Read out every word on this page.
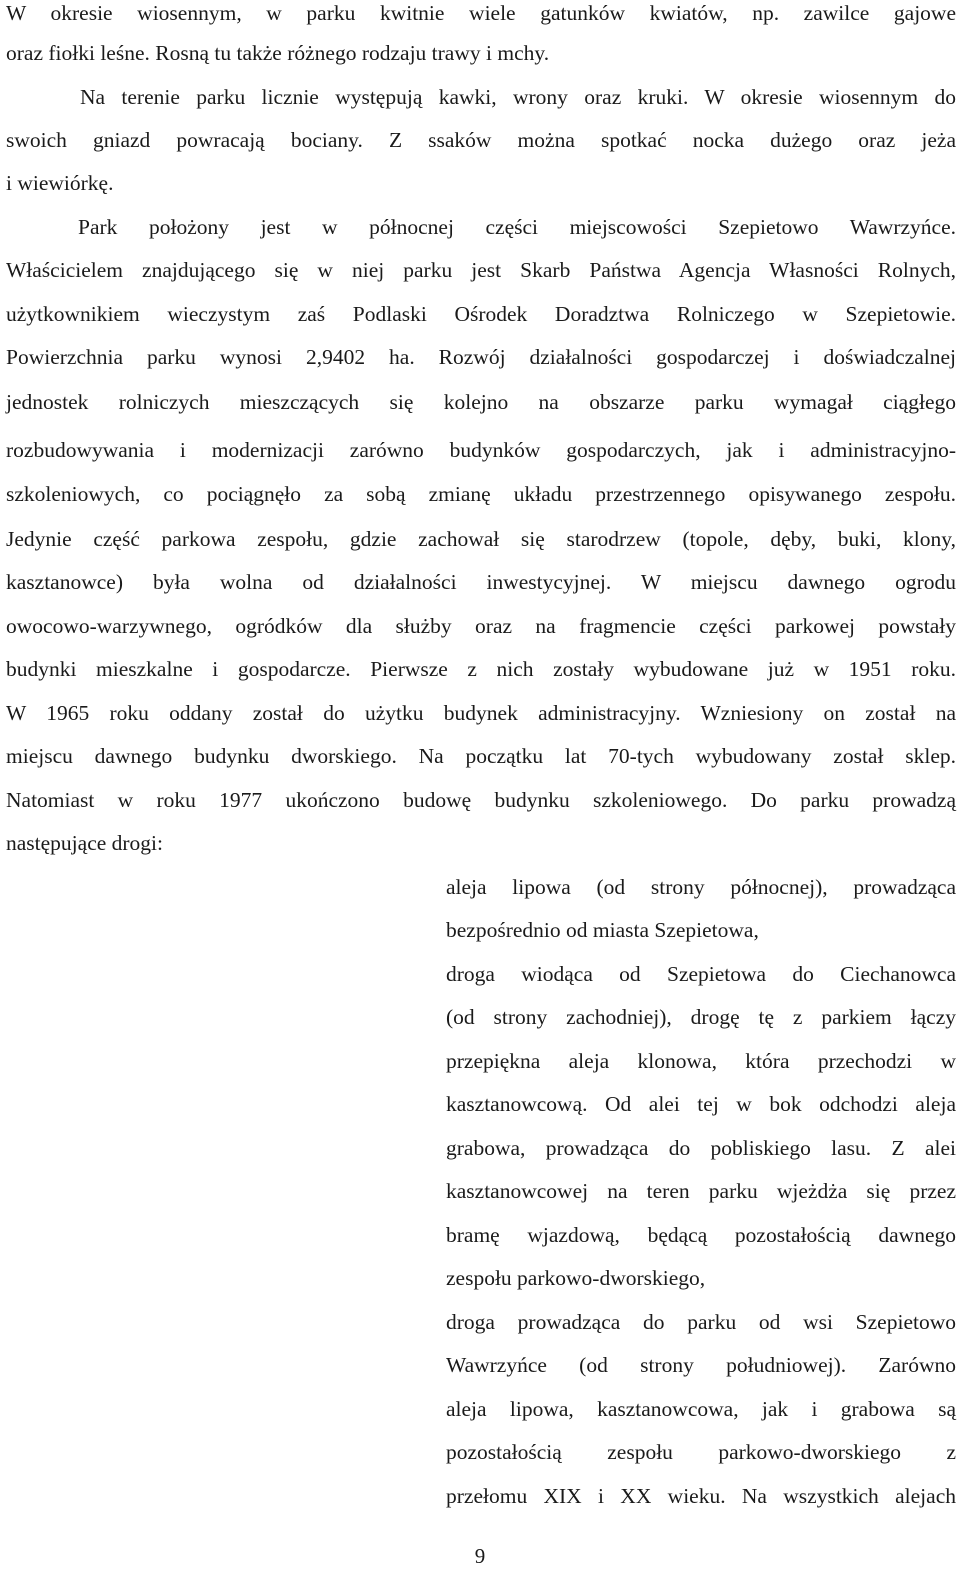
W okresie wiosennym, w parku kwitnie wiele gatunków kwiatów, np. zawilce gajowe
oraz fiołki leśne. Rosną tu także różnego rodzaju trawy i mchy.
Na terenie parku licznie występują kawki, wrony oraz kruki. W okresie wiosennym do
swoich gniazd powracają bociany. Z ssaków można spotkać nocka dużego oraz jeża
i wiewiórkę.
Park położony jest w północnej części miejscowości Szepietowo Wawrzyńce.
Właścicielem znajdującego się w niej parku jest Skarb Państwa Agencja Własności Rolnych,
użytkownikiem wieczystym zaś Podlaski Ośrodek Doradztwa Rolniczego w Szepietowie.
Powierzchnia parku wynosi 2,9402 ha. Rozwój działalności gospodarczej i doświadczalnej
jednostek rolniczych mieszczących się kolejno na obszarze parku wymagał ciągłego
rozbudowywania i modernizacji zarówno budynków gospodarczych, jak i administracyjno-
szkoleniowych, co pociągnęło za sobą zmianę układu przestrzennego opisywanego zespołu.
Jedynie część parkowa zespołu, gdzie zachował się starodrzew (topole, dęby, buki, klony,
kasztanowce) była wolna od działalności inwestycyjnej. W miejscu dawnego ogrodu
owocowo-warzywnego, ogródków dla służby oraz na fragmencie części parkowej powstały
budynki mieszkalne i gospodarcze. Pierwsze z nich zostały wybudowane już w 1951 roku.
W 1965 roku oddany został do użytku budynek administracyjny. Wzniesiony on został na
miejscu dawnego budynku dworskiego. Na początku lat 70-tych wybudowany został sklep.
Natomiast w roku 1977 ukończono budowę budynku szkoleniowego. Do parku prowadzą
następujące drogi:
aleja lipowa (od strony północnej), prowadząca
bezpośrednio od miasta Szepietowa,
droga wiodąca od Szepietowa do Ciechanowca
(od strony zachodniej), drogę tę z parkiem łączy
przepiękna aleja klonowa, która przechodzi w
kasztanowcową. Od alei tej w bok odchodzi aleja
grabowa, prowadząca do pobliskiego lasu. Z alei
kasztanowcowej na teren parku wjeżdża się przez
bramę wjazdową, będącą pozostałością dawnego
zespołu parkowo-dworskiego,
droga prowadząca do parku od wsi Szepietowo
Wawrzyńce (od strony południowej). Zarówno
aleja lipowa, kasztanowcowa, jak i grabowa są
pozostałością zespołu parkowo-dworskiego z
przełomu XIX i XX wieku. Na wszystkich alejach
9
